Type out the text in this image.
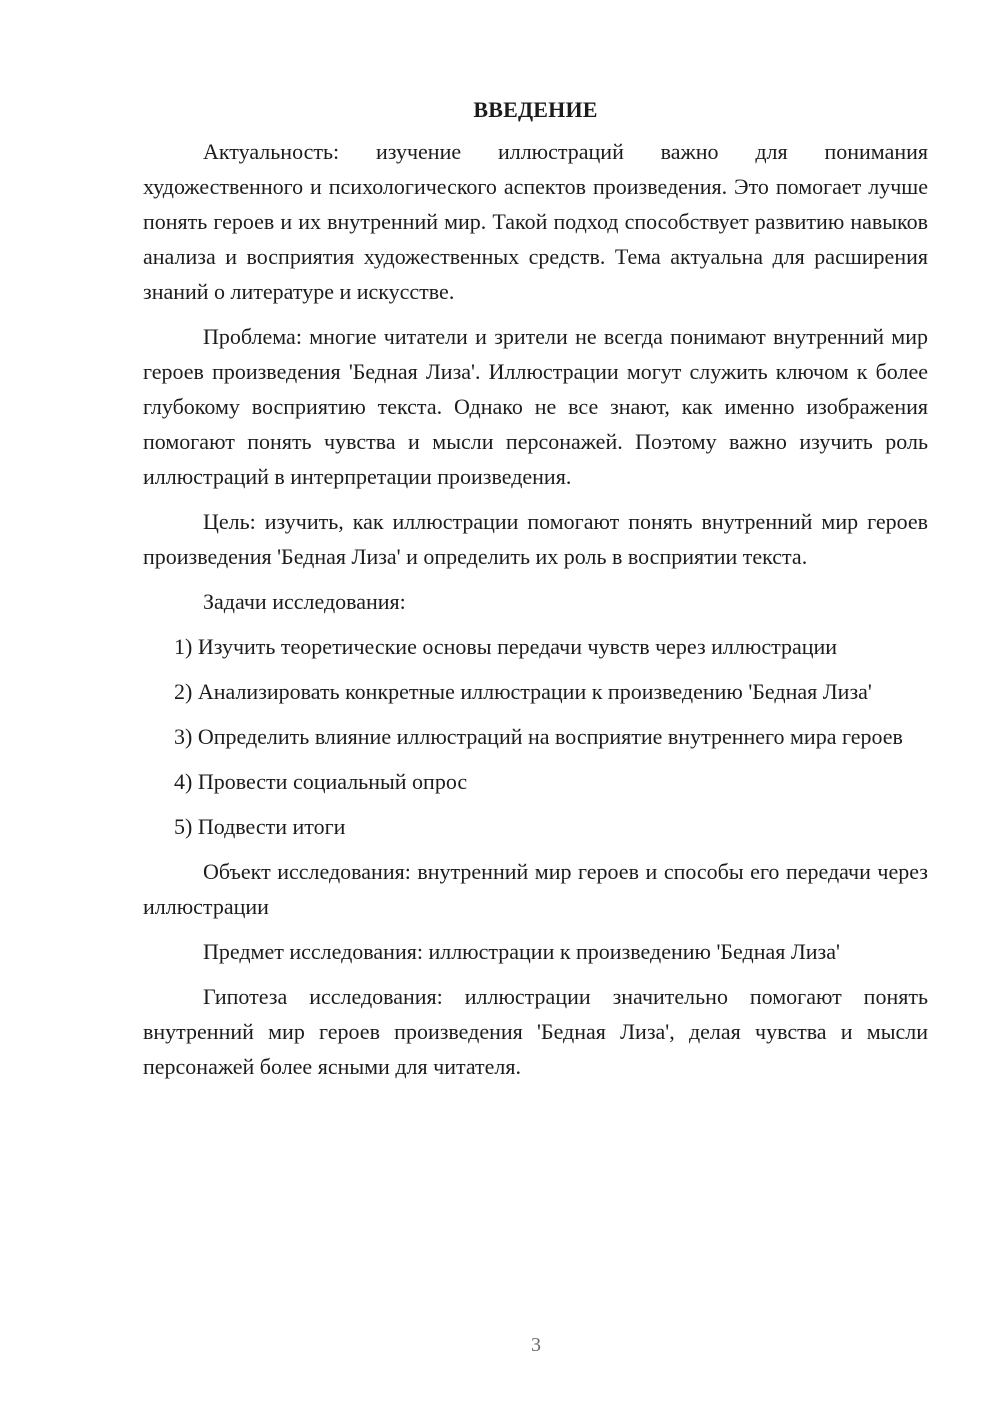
ВВЕДЕНИЕ

Актуальность: изучение иллюстраций важно для понимания художественного и психологического аспектов произведения. Это помогает лучше понять героев и их внутренний мир. Такой подход способствует развитию навыков анализа и восприятия художественных средств. Тема актуальна для расширения знаний о литературе и искусстве.

Проблема: многие читатели и зрители не всегда понимают внутренний мир героев произведения 'Бедная Лиза'. Иллюстрации могут служить ключом к более глубокому восприятию текста. Однако не все знают, как именно изображения помогают понять чувства и мысли персонажей. Поэтому важно изучить роль иллюстраций в интерпретации произведения.

Цель: изучить, как иллюстрации помогают понять внутренний мир героев произведения 'Бедная Лиза' и определить их роль в восприятии текста.

Задачи исследования:

1) Изучить теоретические основы передачи чувств через иллюстрации

2) Анализировать конкретные иллюстрации к произведению 'Бедная Лиза'

3) Определить влияние иллюстраций на восприятие внутреннего мира героев

4) Провести социальный опрос

5) Подвести итоги

Объект исследования: внутренний мир героев и способы его передачи через иллюстрации

Предмет исследования: иллюстрации к произведению 'Бедная Лиза'

Гипотеза исследования: иллюстрации значительно помогают понять внутренний мир героев произведения 'Бедная Лиза', делая чувства и мысли персонажей более ясными для читателя.

3
